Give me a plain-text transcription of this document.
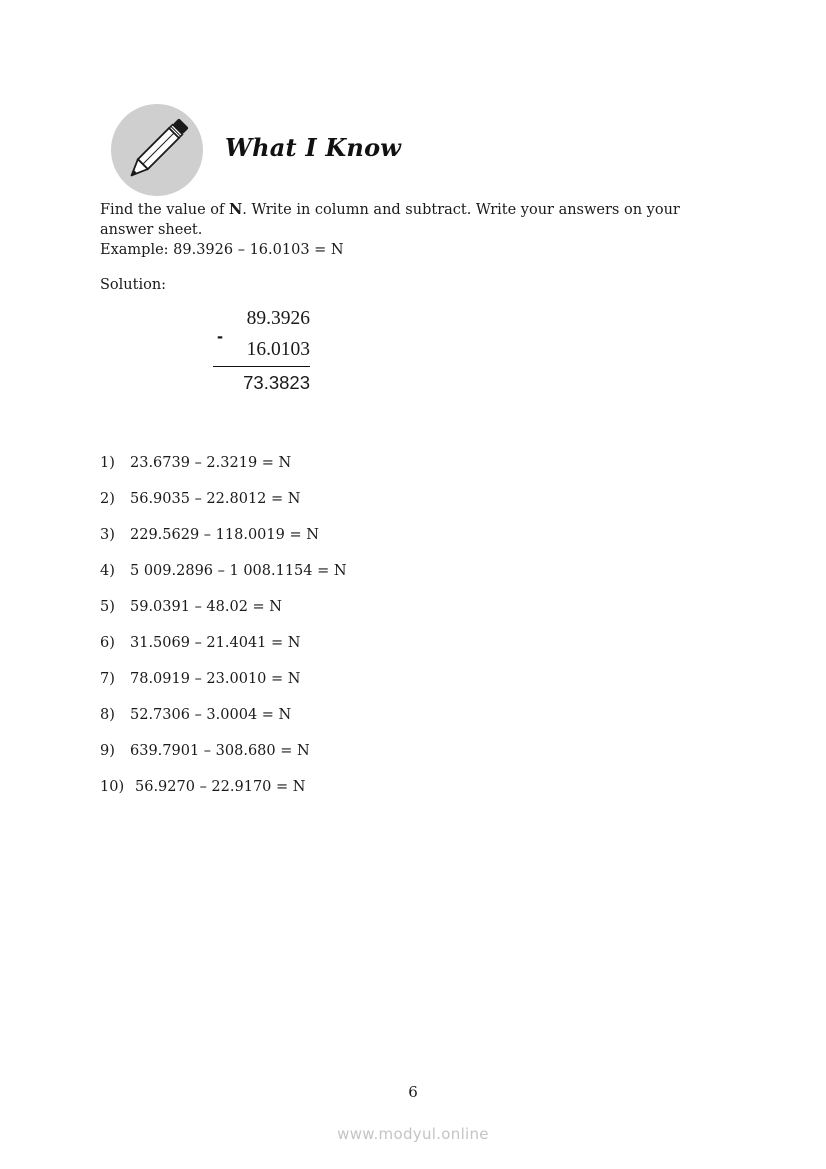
What I Know

Find the value of N. Write in column and subtract. Write your answers on your answer sheet.

Example: 89.3926 – 16.0103 = N

Solution:
89.3926
-
16.0103
73.3823
1) 23.6739 – 2.3219 = N
2) 56.9035 – 22.8012 = N
3) 229.5629 – 118.0019 = N
4) 5 009.2896 – 1 008.1154 = N
5) 59.0391 – 48.02 = N
6) 31.5069 – 21.4041 = N
7) 78.0919 – 23.0010 = N
8) 52.7306 – 3.0004 = N
9) 639.7901 – 308.680 = N
10) 56.9270 – 22.9170 = N
6
www.modyul.online
